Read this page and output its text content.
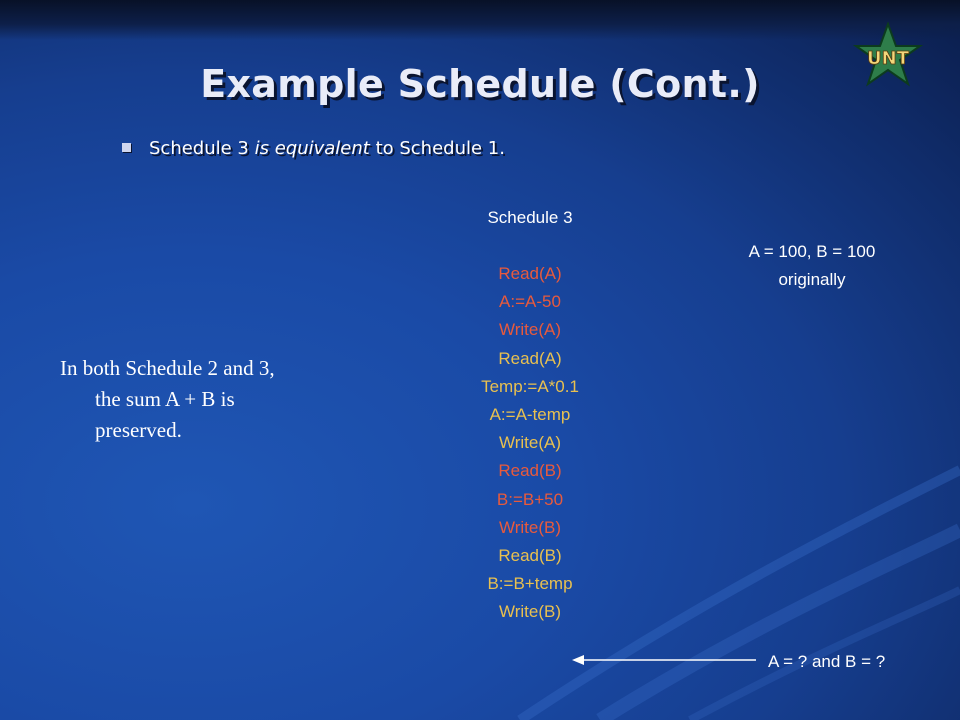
UNT
Example Schedule (Cont.)
Schedule 3 is equivalent to Schedule 1.
Schedule 3
Read(A)
A:=A-50
Write(A)
Read(A)
Temp:=A*0.1
A:=A-temp
Write(A)
Read(B)
B:=B+50
Write(B)
Read(B)
B:=B+temp
Write(B)
A = 100, B = 100
originally
In both Schedule 2 and 3, the sum A + B is preserved.
A = ? and B = ?
